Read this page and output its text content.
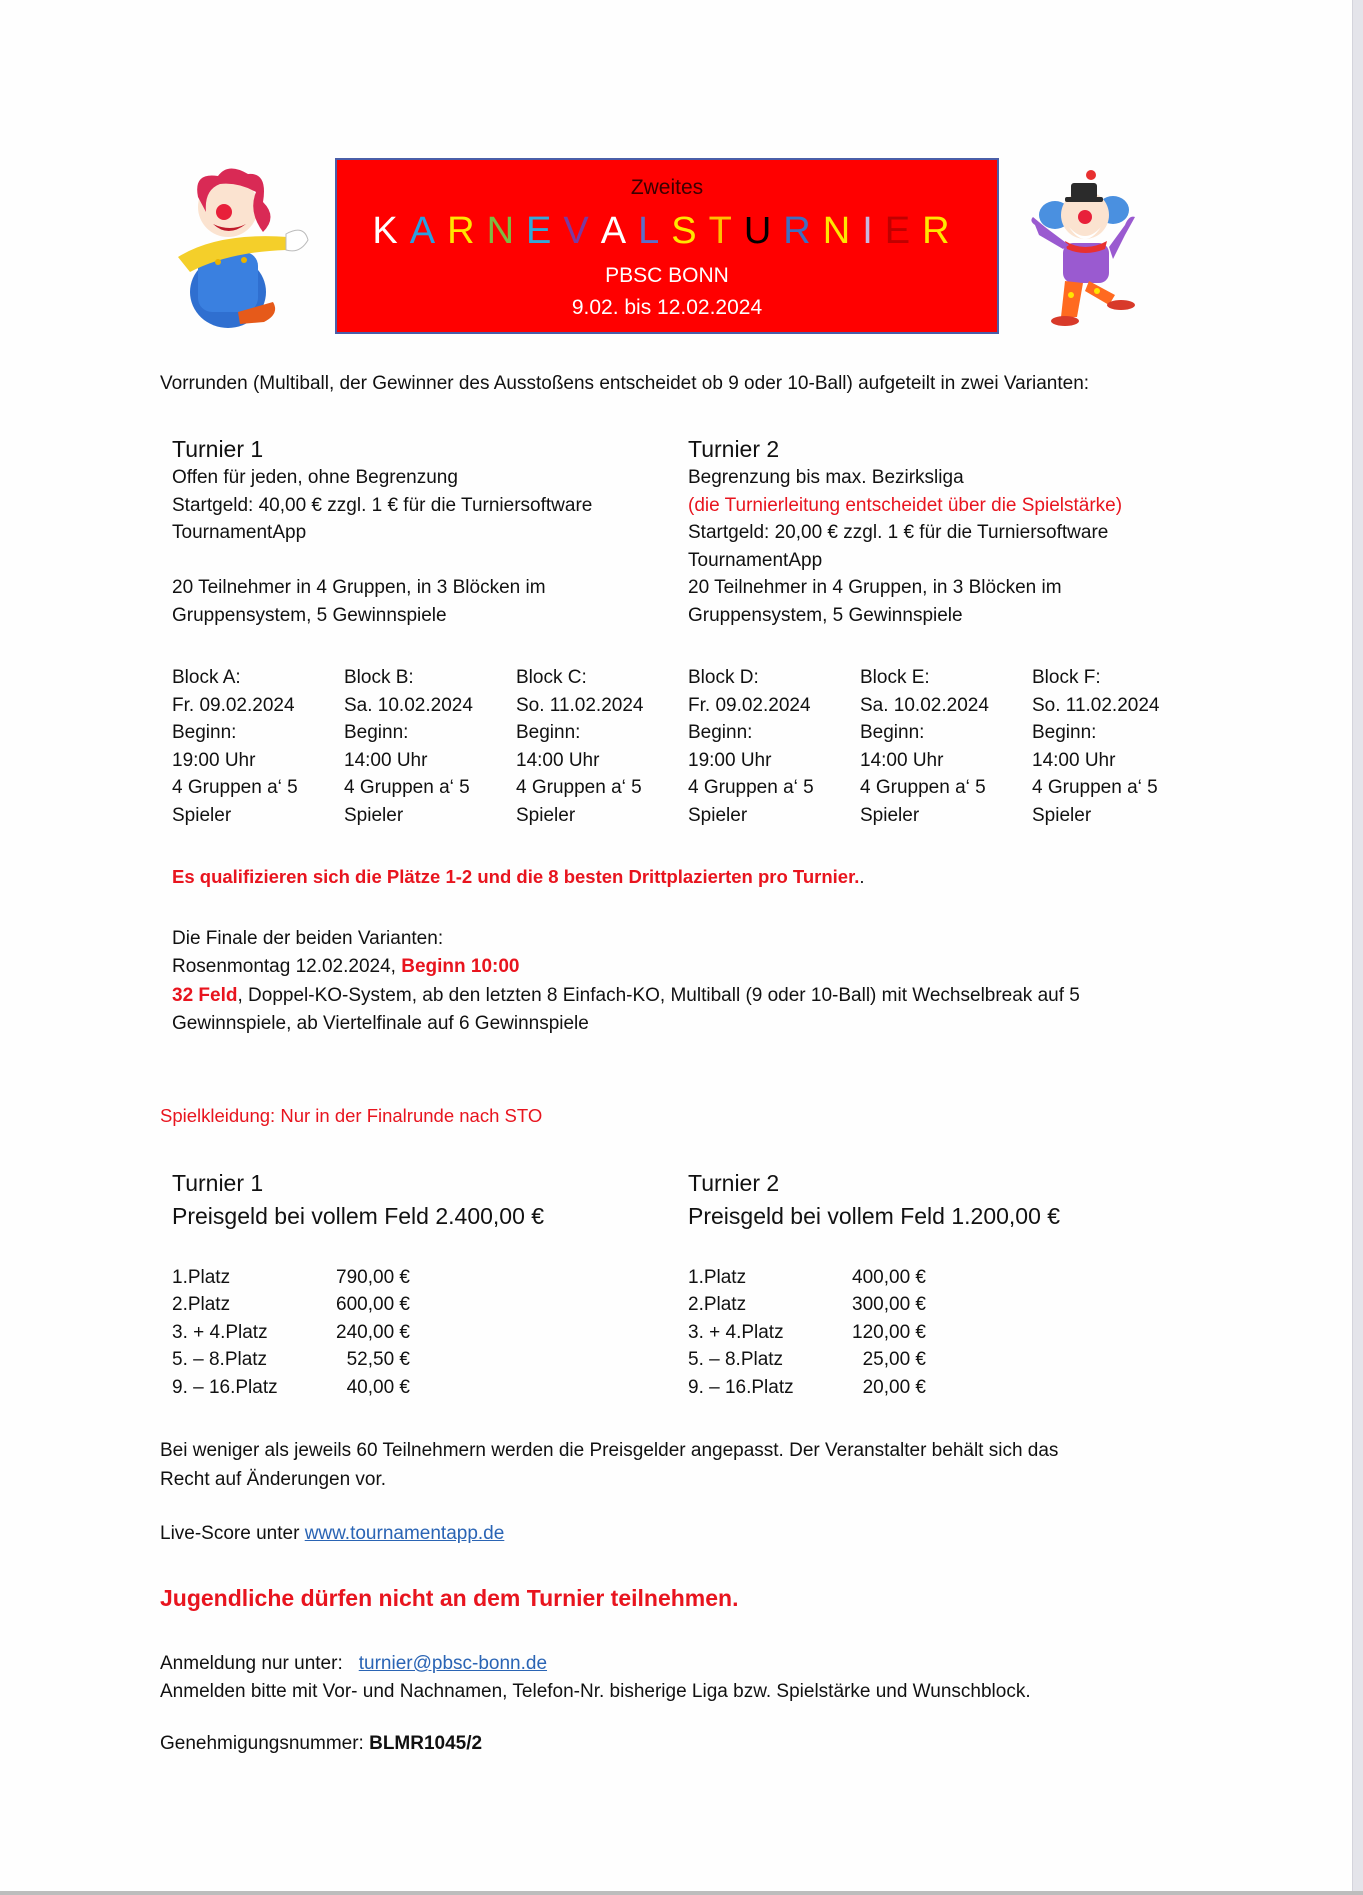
Zweites
KARNEVALSTURNIER
PBSC BONN
9.02. bis 12.02.2024
Vorrunden (Multiball, der Gewinner des Ausstoßens entscheidet ob 9 oder 10-Ball) aufgeteilt in zwei Varianten:
Turnier 1
Offen für jeden, ohne Begrenzung
Startgeld: 40,00 € zzgl. 1 € für die Turniersoftware
TournamentApp
20 Teilnehmer in 4 Gruppen, in 3 Blöcken im
Gruppensystem, 5 Gewinnspiele
Turnier 2
Begrenzung bis max. Bezirksliga
(die Turnierleitung entscheidet über die Spielstärke)
Startgeld: 20,00 € zzgl. 1 € für die Turniersoftware
TournamentApp
20 Teilnehmer in 4 Gruppen, in 3 Blöcken im
Gruppensystem, 5 Gewinnspiele
Block A:
Fr. 09.02.2024
Beginn:
19:00 Uhr
4 Gruppen a‘ 5
Spieler
Block B:
Sa. 10.02.2024
Beginn:
14:00 Uhr
4 Gruppen a‘ 5
Spieler
Block C:
So. 11.02.2024
Beginn:
14:00 Uhr
4 Gruppen a‘ 5
Spieler
Block D:
Fr. 09.02.2024
Beginn:
19:00 Uhr
4 Gruppen a‘ 5
Spieler
Block E:
Sa. 10.02.2024
Beginn:
14:00 Uhr
4 Gruppen a‘ 5
Spieler
Block F:
So. 11.02.2024
Beginn:
14:00 Uhr
4 Gruppen a‘ 5
Spieler
Es qualifizieren sich die Plätze 1-2 und die 8 besten Drittplazierten pro Turnier..
Die Finale der beiden Varianten:
Rosenmontag 12.02.2024, Beginn 10:00
32 Feld, Doppel-KO-System, ab den letzten 8 Einfach-KO, Multiball (9 oder 10-Ball) mit Wechselbreak auf 5
Gewinnspiele, ab Viertelfinale auf 6 Gewinnspiele
Spielkleidung: Nur in der Finalrunde nach STO
Turnier 1
Preisgeld bei vollem Feld 2.400,00 €
Turnier 2
Preisgeld bei vollem Feld 1.200,00 €
1.Platz	790,00 €
2.Platz	600,00 €
3. + 4.Platz	240,00 €
5. – 8.Platz	52,50 €
9. – 16.Platz	40,00 €
1.Platz	400,00 €
2.Platz	300,00 €
3. + 4.Platz	120,00 €
5. – 8.Platz	25,00 €
9. – 16.Platz	20,00 €
Bei weniger als jeweils 60 Teilnehmern werden die Preisgelder angepasst. Der Veranstalter behält sich das
Recht auf Änderungen vor.
Live-Score unter www.tournamentapp.de
Jugendliche dürfen nicht an dem Turnier teilnehmen.
Anmeldung nur unter: turnier@pbsc-bonn.de
Anmelden bitte mit Vor- und Nachnamen, Telefon-Nr. bisherige Liga bzw. Spielstärke und Wunschblock.
Genehmigungsnummer: BLMR1045/2
